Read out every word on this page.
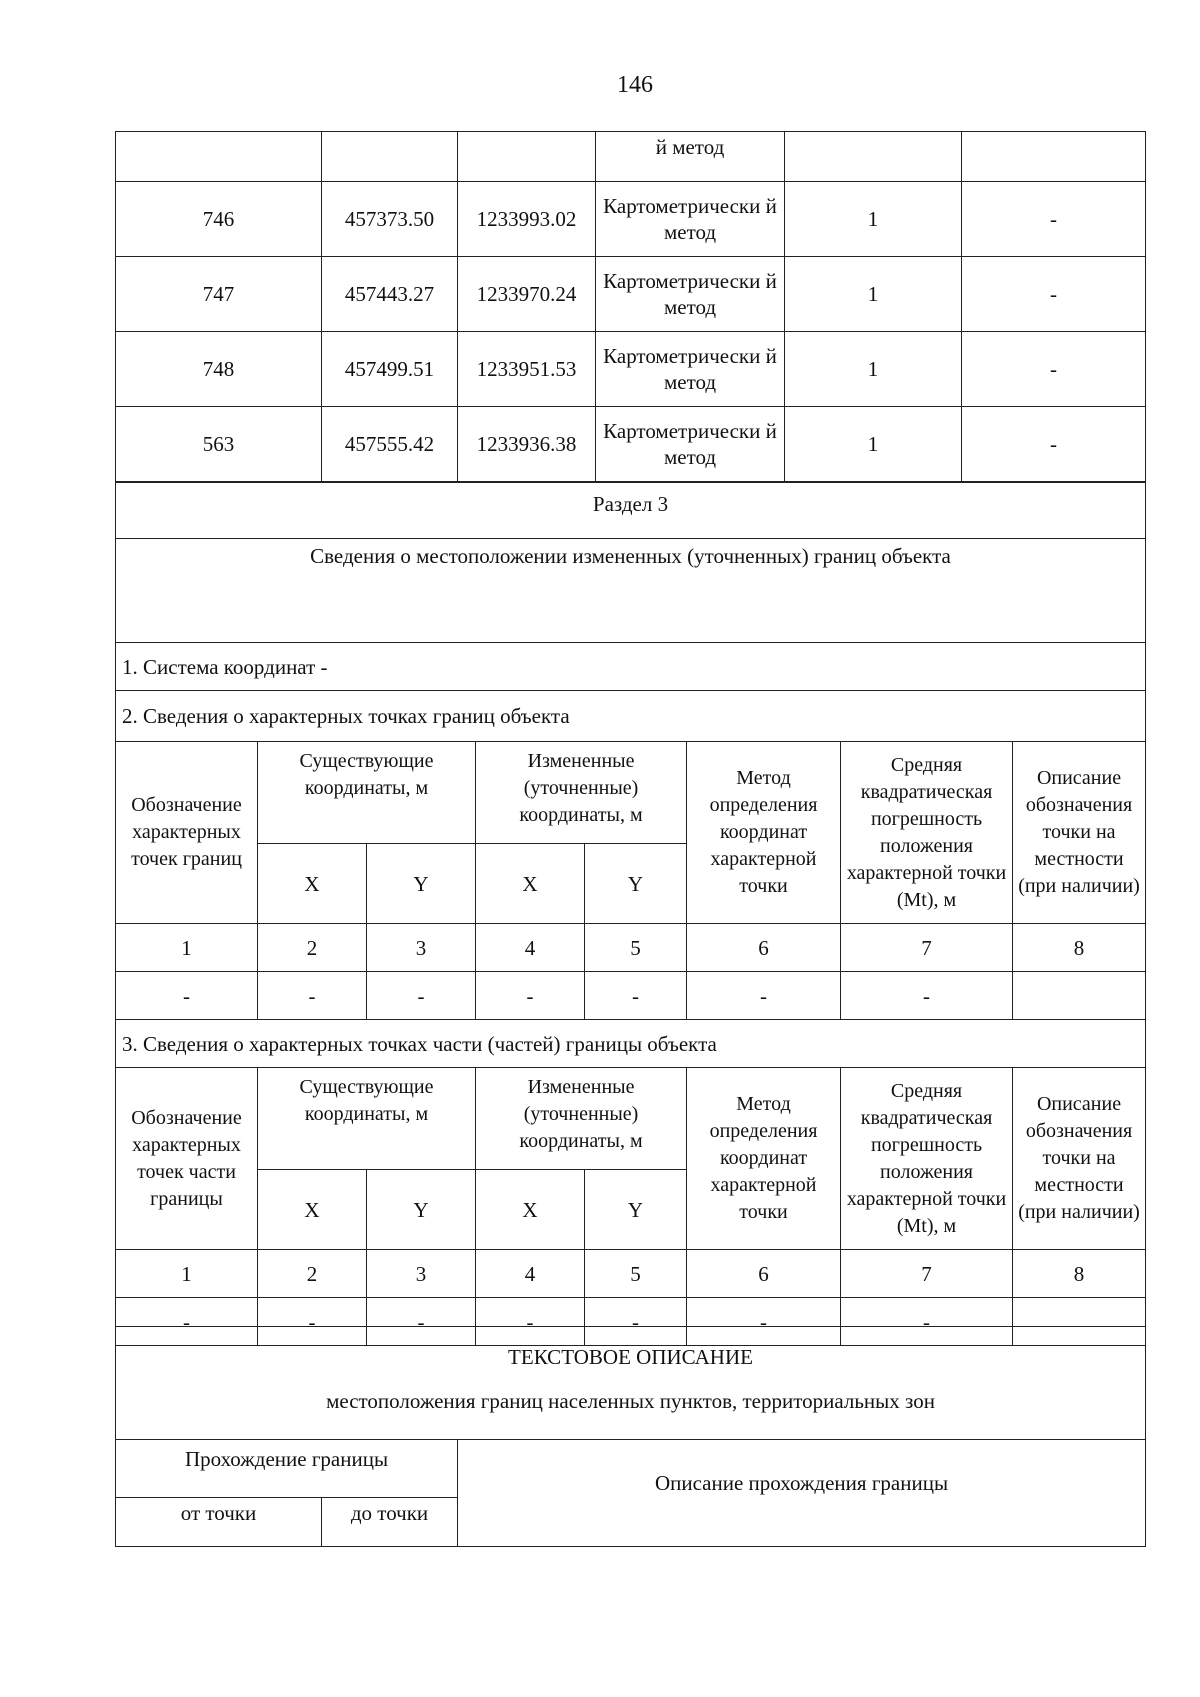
146
			й метод		
746	457373.50	1233993.02	Картометрически й метод	1	-
747	457443.27	1233970.24	Картометрически й метод	1	-
748	457499.51	1233951.53	Картометрически й метод	1	-
563	457555.42	1233936.38	Картометрически й метод	1	-
Раздел 3
Сведения о местоположении измененных (уточненных) границ объекта
1. Система координат -
2. Сведения о характерных точках границ объекта
Обозначение характерных точек границ	Существующие координаты, м		Измененные (уточненные) координаты, м		Метод определения координат характерной точки	Средняя квадратическая погрешность положения характерной точки (Mt), м	Описание обозначения точки на местности (при наличии)
	X	Y	X	Y			
1	2	3	4	5	6	7	8
-	-	-	-	-	-	-	
3. Сведения о характерных точках части (частей) границы объекта							
Обозначение характерных точек части границы	Существующие координаты, м		Измененные (уточненные) координаты, м		Метод определения координат характерной точки	Средняя квадратическая погрешность положения характерной точки (Mt), м	Описание обозначения точки на местности (при наличии)
	X	Y	X	Y			
1	2	3	4	5	6	7	8
-	-	-	-	-	-	-	
ТЕКСТОВОЕ ОПИСАНИЕ
местоположения границ населенных пунктов, территориальных зон
Прохождение границы		Описание прохождения границы
от точки	до точки	
